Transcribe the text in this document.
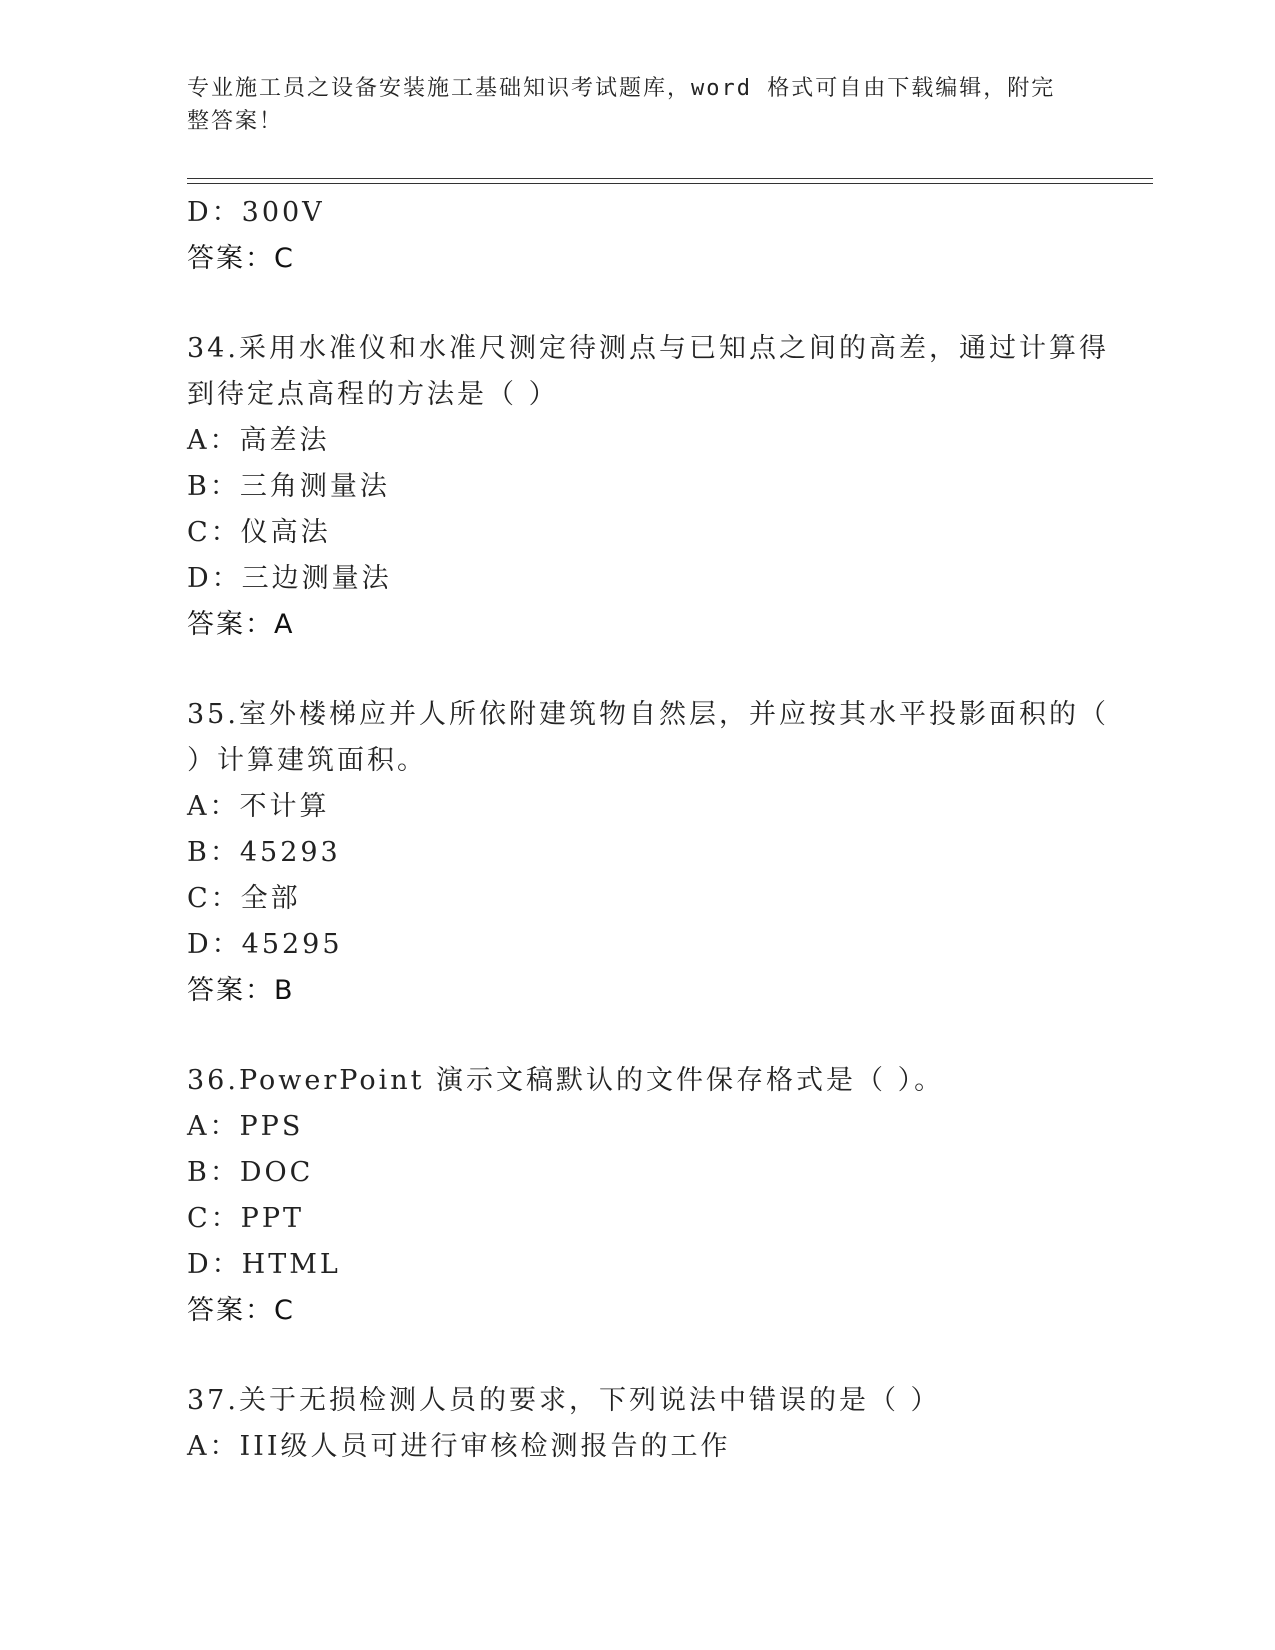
专业施工员之设备安装施工基础知识考试题库，word 格式可自由下载编辑，附完
整答案！
D：300V
答案：C
34.采用水准仪和水准尺测定待测点与已知点之间的高差，通过计算得
到待定点高程的方法是（ ）
A：高差法
B：三角测量法
C：仪高法
D：三边测量法
答案：A
35.室外楼梯应并人所依附建筑物自然层，并应按其水平投影面积的（
）计算建筑面积。
A：不计算
B：45293
C：全部
D：45295
答案：B
36.PowerPoint 演示文稿默认的文件保存格式是（ ）。
A：PPS
B：DOC
C：PPT
D：HTML
答案：C
37.关于无损检测人员的要求，下列说法中错误的是（ ）
A：III级人员可进行审核检测报告的工作
